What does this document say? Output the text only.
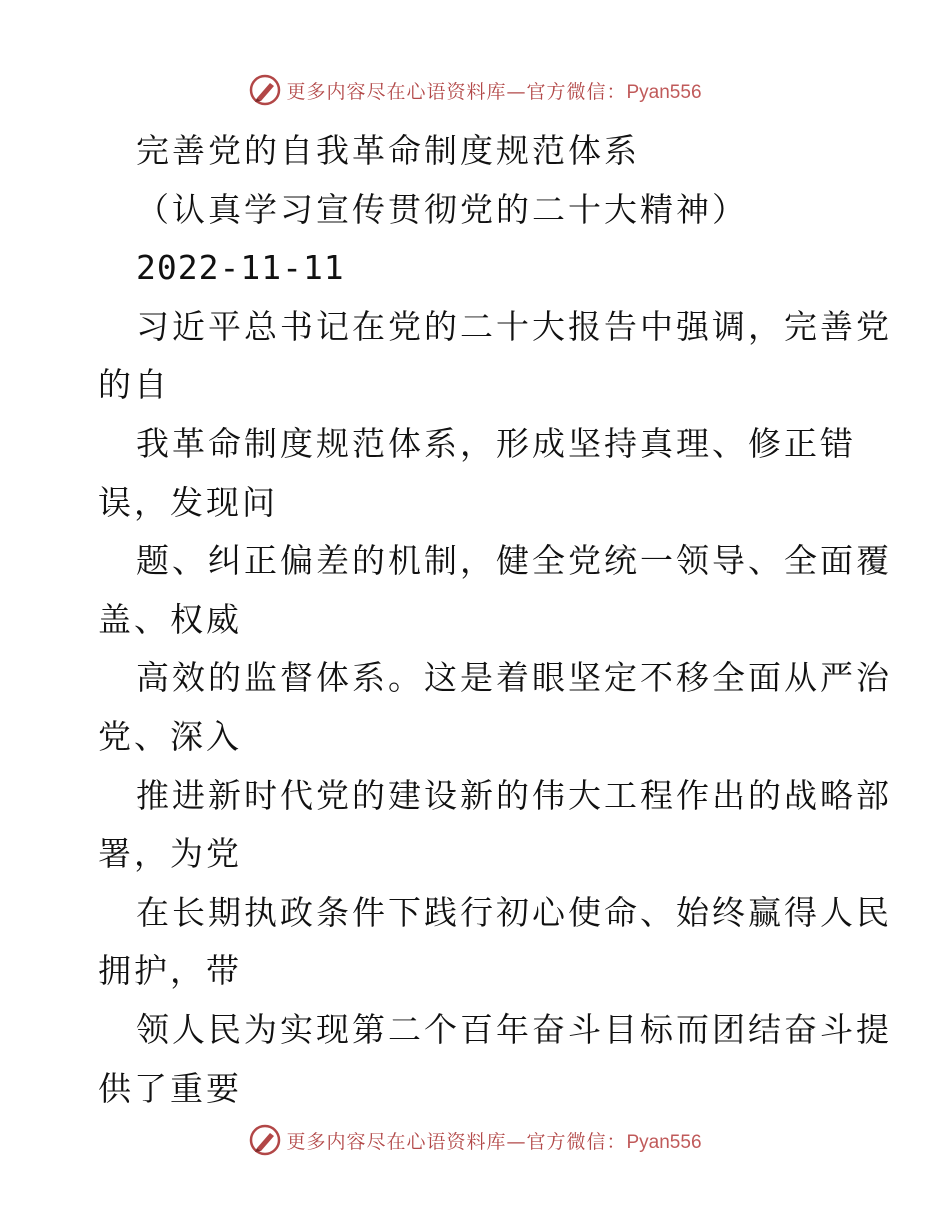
更多内容尽在心语资料库—官方微信：Pyan556
完善党的自我革命制度规范体系
（认真学习宣传贯彻党的二十大精神）
2022-11-11
习近平总书记在党的二十大报告中强调，完善党
的自
我革命制度规范体系，形成坚持真理、修正错
误，发现问
题、纠正偏差的机制，健全党统一领导、全面覆
盖、权威
高效的监督体系。这是着眼坚定不移全面从严治
党、深入
推进新时代党的建设新的伟大工程作出的战略部
署，为党
在长期执政条件下践行初心使命、始终赢得人民
拥护，带
领人民为实现第二个百年奋斗目标而团结奋斗提
供了重要
更多内容尽在心语资料库—官方微信：Pyan556
